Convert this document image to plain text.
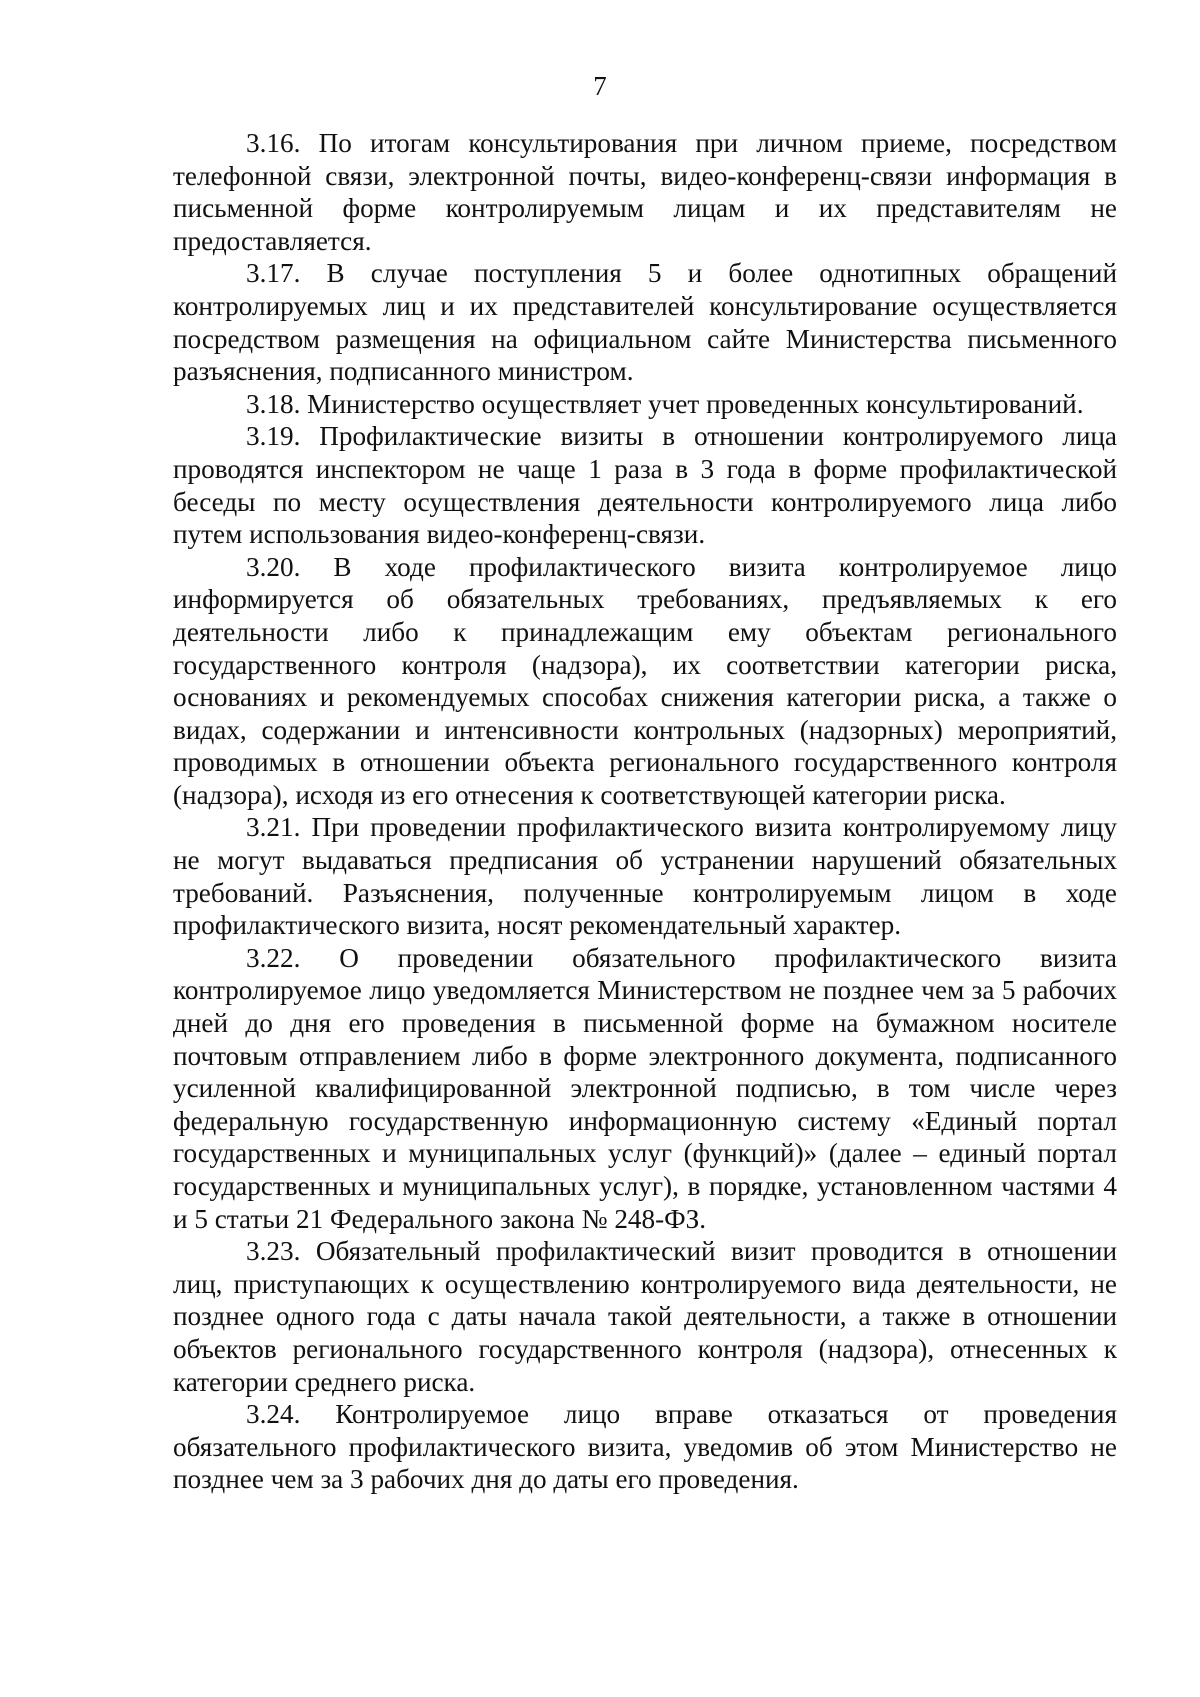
7

3.16. По итогам консультирования при личном приеме, посредством телефонной связи, электронной почты, видео-конференц-связи информация в письменной форме контролируемым лицам и их представителям не предоставляется.

3.17. В случае поступления 5 и более однотипных обращений контролируемых лиц и их представителей консультирование осуществляется посредством размещения на официальном сайте Министерства письменного разъяснения, подписанного министром.

3.18. Министерство осуществляет учет проведенных консультирований.

3.19. Профилактические визиты в отношении контролируемого лица проводятся инспектором не чаще 1 раза в 3 года в форме профилактической беседы по месту осуществления деятельности контролируемого лица либо путем использования видео-конференц-связи.

3.20. В ходе профилактического визита контролируемое лицо информируется об обязательных требованиях, предъявляемых к его деятельности либо к принадлежащим ему объектам регионального государственного контроля (надзора), их соответствии категории риска, основаниях и рекомендуемых способах снижения категории риска, а также о видах, содержании и интенсивности контрольных (надзорных) мероприятий, проводимых в отношении объекта регионального государственного контроля (надзора), исходя из его отнесения к соответствующей категории риска.

3.21. При проведении профилактического визита контролируемому лицу не могут выдаваться предписания об устранении нарушений обязательных требований. Разъяснения, полученные контролируемым лицом в ходе профилактического визита, носят рекомендательный характер.

3.22. О проведении обязательного профилактического визита контролируемое лицо уведомляется Министерством не позднее чем за 5 рабочих дней до дня его проведения в письменной форме на бумажном носителе почтовым отправлением либо в форме электронного документа, подписанного усиленной квалифицированной электронной подписью, в том числе через федеральную государственную информационную систему «Единый портал государственных и муниципальных услуг (функций)» (далее – единый портал государственных и муниципальных услуг), в порядке, установленном частями 4 и 5 статьи 21 Федерального закона № 248-ФЗ.

3.23. Обязательный профилактический визит проводится в отношении лиц, приступающих к осуществлению контролируемого вида деятельности, не позднее одного года с даты начала такой деятельности, а также в отношении объектов регионального государственного контроля (надзора), отнесенных к категории среднего риска.

3.24. Контролируемое лицо вправе отказаться от проведения обязательного профилактического визита, уведомив об этом Министерство не позднее чем за 3 рабочих дня до даты его проведения.
